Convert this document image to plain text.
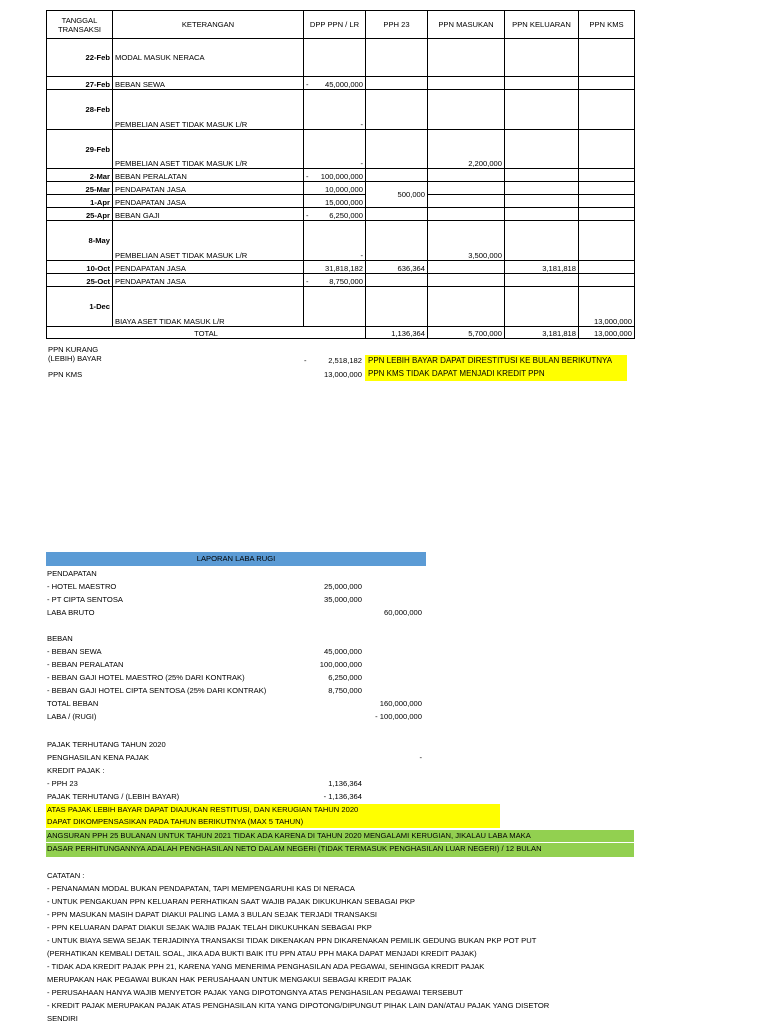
TANGGAL TRANSAKSI	KETERANGAN	DPP PPN / LR	PPH 23	PPN MASUKAN	PPN KELUARAN	PPN KMS
22-Feb	MODAL MASUK NERACA					
27-Feb	BEBAN SEWA	- 45,000,000				
28-Feb	PEMBELIAN ASET TIDAK MASUK L/R	-				
29-Feb	PEMBELIAN ASET TIDAK MASUK L/R	-		2,200,000		
2-Mar	BEBAN PERALATAN	- 100,000,000				
25-Mar	PENDAPATAN JASA	10,000,000	500,000			
1-Apr	PENDAPATAN JASA	15,000,000				
25-Apr	BEBAN GAJI	- 6,250,000				
8-May	PEMBELIAN ASET TIDAK MASUK L/R	-		3,500,000		
10-Oct	PENDAPATAN JASA	31,818,182	636,364		3,181,818	
25-Oct	PENDAPATAN JASA	- 8,750,000				
1-Dec	BIAYA ASET TIDAK MASUK L/R					13,000,000
TOTAL			1,136,364	5,700,000	3,181,818	13,000,000
PPN KURANG
(LEBIH) BAYAR	-	2,518,182 PPN LEBIH BAYAR DAPAT DIRESTITUSI KE BULAN BERIKUTNYA
PPN KMS	13,000,000 PPN KMS TIDAK DAPAT MENJADI KREDIT PPN
LAPORAN LABA RUGI
PENDAPATAN
- HOTEL MAESTRO	25,000,000
- PT CIPTA SENTOSA	35,000,000
LABA BRUTO	60,000,000
BEBAN
- BEBAN SEWA	45,000,000
- BEBAN PERALATAN	100,000,000
- BEBAN GAJI HOTEL MAESTRO (25% DARI KONTRAK)	6,250,000
- BEBAN GAJI HOTEL CIPTA SENTOSA (25% DARI KONTRAK)	8,750,000
TOTAL BEBAN	160,000,000
LABA / (RUGI)	- 100,000,000
PAJAK TERHUTANG TAHUN 2020
PENGHASILAN KENA PAJAK	-
KREDIT PAJAK :
- PPH 23	1,136,364
PAJAK TERHUTANG / (LEBIH BAYAR)	- 1,136,364
ATAS PAJAK LEBIH BAYAR DAPAT DIAJUKAN RESTITUSI, DAN KERUGIAN TAHUN 2020
DAPAT DIKOMPENSASIKAN PADA TAHUN BERIKUTNYA (MAX 5 TAHUN)
ANGSURAN PPH 25 BULANAN UNTUK TAHUN 2021 TIDAK ADA KARENA DI TAHUN 2020 MENGALAMI KERUGIAN, JIKALAU LABA MAKA
DASAR PERHITUNGANNYA ADALAH PENGHASILAN NETO DALAM NEGERI (TIDAK TERMASUK PENGHASILAN LUAR NEGERI) / 12 BULAN
CATATAN :
- PENANAMAN MODAL BUKAN PENDAPATAN, TAPI MEMPENGARUHI KAS DI NERACA
- UNTUK PENGAKUAN PPN KELUARAN PERHATIKAN SAAT WAJIB PAJAK DIKUKUHKAN SEBAGAI PKP
- PPN MASUKAN MASIH DAPAT DIAKUI PALING LAMA 3 BULAN SEJAK TERJADI TRANSAKSI
- PPN KELUARAN DAPAT DIAKUI SEJAK WAJIB PAJAK TELAH DIKUKUHKAN SEBAGAI PKP
- UNTUK BIAYA SEWA SEJAK TERJADINYA TRANSAKSI TIDAK DIKENAKAN PPN DIKARENAKAN PEMILIK GEDUNG BUKAN PKP POT PUT
(PERHATIKAN KEMBALI DETAIL SOAL, JIKA ADA BUKTI BAIK ITU PPN ATAU PPH MAKA DAPAT MENJADI KREDIT PAJAK)
- TIDAK ADA KREDIT PAJAK PPH 21, KARENA YANG MENERIMA PENGHASILAN ADA PEGAWAI, SEHINGGA KREDIT PAJAK
MERUPAKAN HAK PEGAWAI BUKAN HAK PERUSAHAAN UNTUK MENGAKUI SEBAGAI KREDIT PAJAK
- PERUSAHAAN HANYA WAJIB MENYETOR PAJAK YANG DIPOTONGNYA ATAS PENGHASILAN PEGAWAI TERSEBUT
- KREDIT PAJAK MERUPAKAN PAJAK ATAS PENGHASILAN KITA YANG DIPOTONG/DIPUNGUT PIHAK LAIN DAN/ATAU PAJAK YANG DISETOR
SENDIRI
